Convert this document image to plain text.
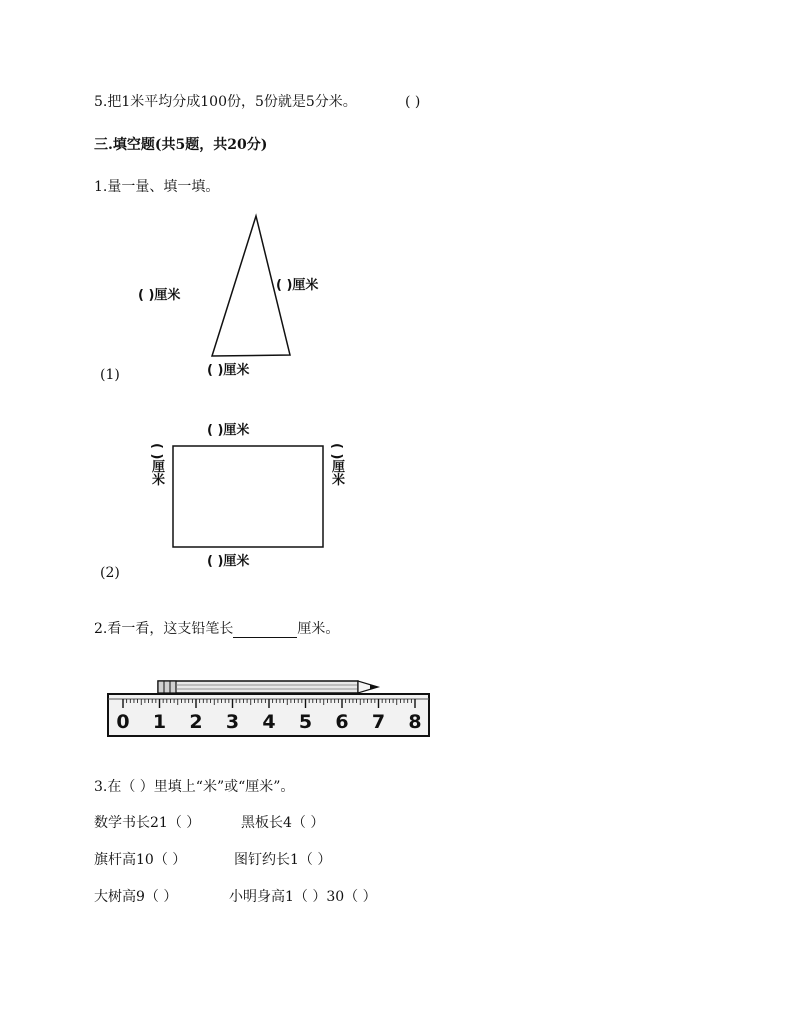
5.把1米平均分成100份，5份就是5分米。	( )
三.填空题(共5题，共20分)
1.量一量、填一填。
( )厘米
( )厘米
( )厘米
(1)
( )厘米
( )厘米	( )厘米
( )厘米
(2)
2.看一看，这支铅笔长	厘米。
0 1 2 3 4 5 6 7 8
3.在（ ）里填上“米”或“厘米”。
数学书长21（ ）	黑板长4（ ）
旗杆高10（ ）	图钉约长1（ ）
大树高9（ ）	小明身高1（ ）30（ ）
